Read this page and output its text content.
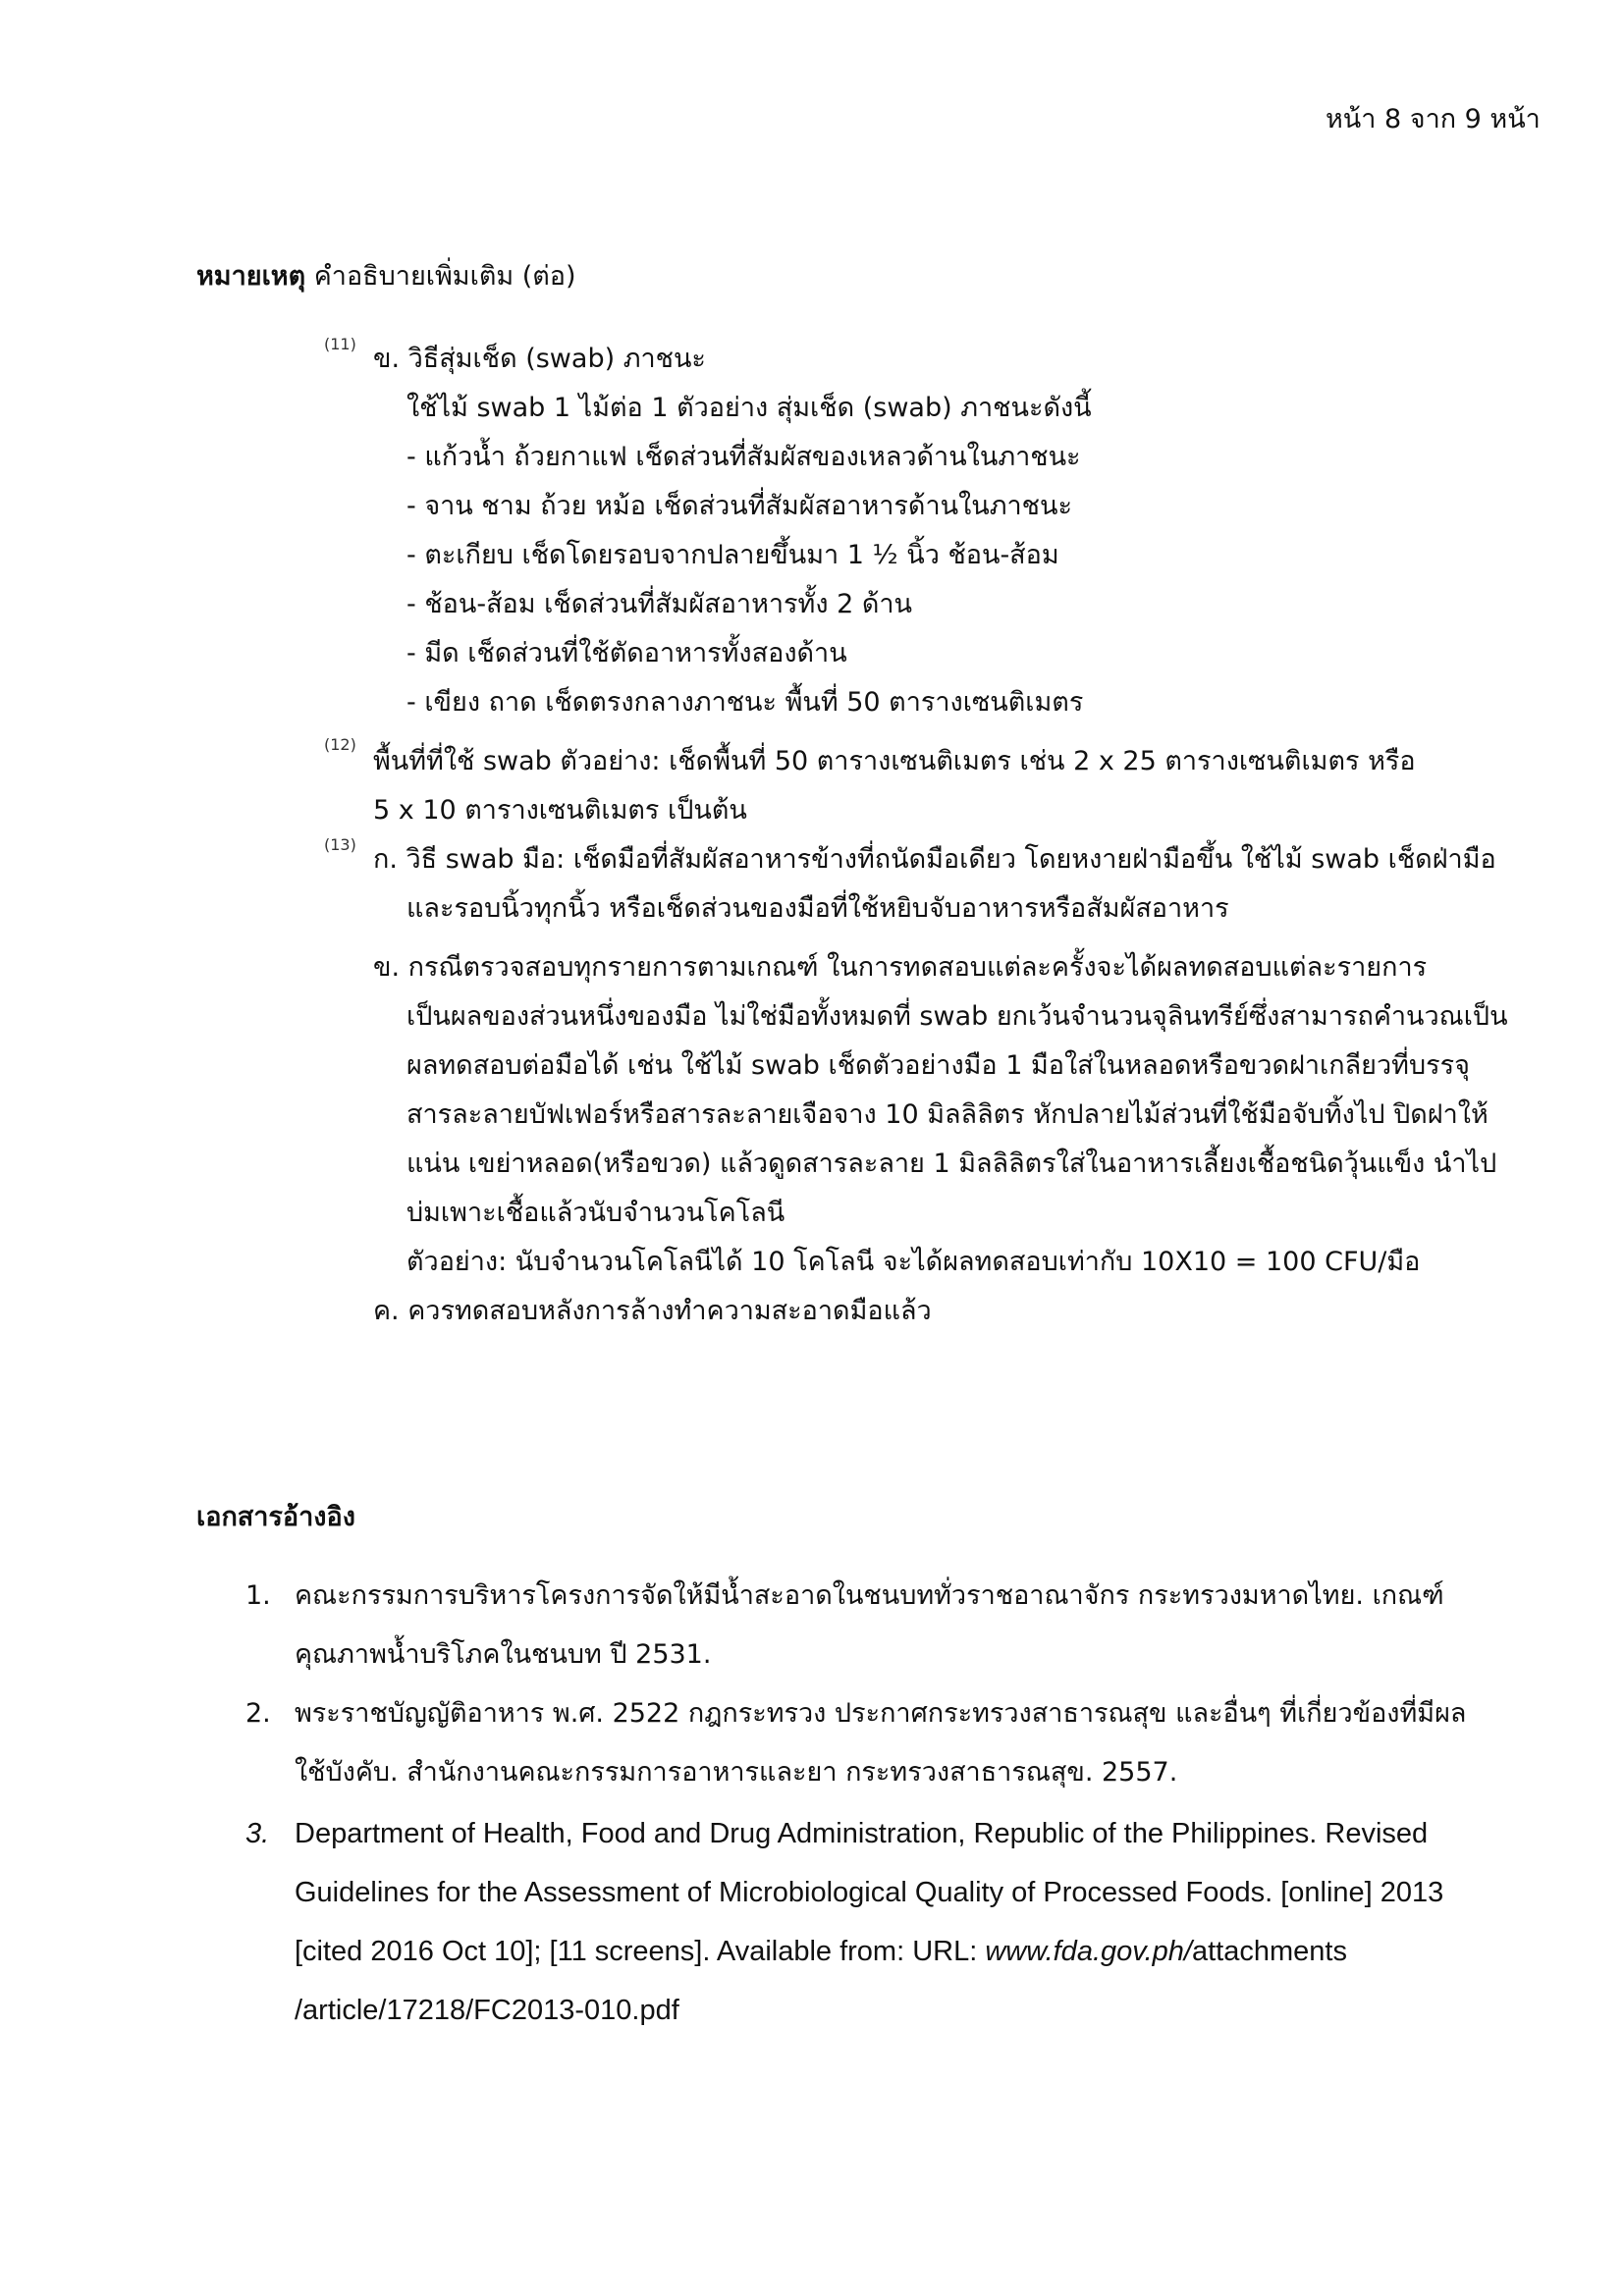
หน้า 8 จาก 9 หน้า
หมายเหตุ คำอธิบายเพิ่มเติม (ต่อ)
(11) ข. วิธีสุ่มเช็ด (swab) ภาชนะ
ใช้ไม้ swab 1 ไม้ต่อ 1 ตัวอย่าง สุ่มเช็ด (swab) ภาชนะดังนี้
- แก้วน้ำ ถ้วยกาแฟ เช็ดส่วนที่สัมผัสของเหลวด้านในภาชนะ
- จาน ชาม ถ้วย หม้อ เช็ดส่วนที่สัมผัสอาหารด้านในภาชนะ
- ตะเกียบ เช็ดโดยรอบจากปลายขึ้นมา 1 ½ นิ้ว ช้อน-ส้อม
- ช้อน-ส้อม เช็ดส่วนที่สัมผัสอาหารทั้ง 2 ด้าน
- มีด เช็ดส่วนที่ใช้ตัดอาหารทั้งสองด้าน
- เขียง ถาด เช็ดตรงกลางภาชนะ พื้นที่ 50 ตารางเซนติเมตร
(12)
พื้นที่ที่ใช้ swab ตัวอย่าง: เช็ดพื้นที่ 50 ตารางเซนติเมตร เช่น 2 x 25 ตารางเซนติเมตร หรือ
5 x 10 ตารางเซนติเมตร เป็นต้น
(13) ก. วิธี swab มือ: เช็ดมือที่สัมผัสอาหารข้างที่ถนัดมือเดียว โดยหงายฝ่ามือขึ้น ใช้ไม้ swab เช็ดฝ่ามือ
และรอบนิ้วทุกนิ้ว หรือเช็ดส่วนของมือที่ใช้หยิบจับอาหารหรือสัมผัสอาหาร
ข. กรณีตรวจสอบทุกรายการตามเกณฑ์ ในการทดสอบแต่ละครั้งจะได้ผลทดสอบแต่ละรายการ
เป็นผลของส่วนหนึ่งของมือ ไม่ใช่มือทั้งหมดที่ swab ยกเว้นจำนวนจุลินทรีย์ซึ่งสามารถคำนวณเป็น
ผลทดสอบต่อมือได้ เช่น ใช้ไม้ swab เช็ดตัวอย่างมือ 1 มือใส่ในหลอดหรือขวดฝาเกลียวที่บรรจุ
สารละลายบัฟเฟอร์หรือสารละลายเจือจาง 10 มิลลิลิตร หักปลายไม้ส่วนที่ใช้มือจับทิ้งไป ปิดฝาให้
แน่น เขย่าหลอด(หรือขวด) แล้วดูดสารละลาย 1 มิลลิลิตรใส่ในอาหารเลี้ยงเชื้อชนิดวุ้นแข็ง นำไป
บ่มเพาะเชื้อแล้วนับจำนวนโคโลนี
ตัวอย่าง: นับจำนวนโคโลนีได้ 10 โคโลนี จะได้ผลทดสอบเท่ากับ 10X10 = 100 CFU/มือ
ค. ควรทดสอบหลังการล้างทำความสะอาดมือแล้ว
เอกสารอ้างอิง
1. คณะกรรมการบริหารโครงการจัดให้มีน้ำสะอาดในชนบททั่วราชอาณาจักร กระทรวงมหาดไทย. เกณฑ์
คุณภาพน้ำบริโภคในชนบท ปี 2531.
2. พระราชบัญญัติอาหาร พ.ศ. 2522 กฎกระทรวง ประกาศกระทรวงสาธารณสุข และอื่นๆ ที่เกี่ยวข้องที่มีผล
ใช้บังคับ. สำนักงานคณะกรรมการอาหารและยา กระทรวงสาธารณสุข. 2557.
3. Department of Health, Food and Drug Administration, Republic of the Philippines. Revised
Guidelines for the Assessment of Microbiological Quality of Processed Foods. [online] 2013
[cited 2016 Oct 10]; [11 screens]. Available from: URL: www.fda.gov.ph/attachments
/article/17218/FC2013-010.pdf
